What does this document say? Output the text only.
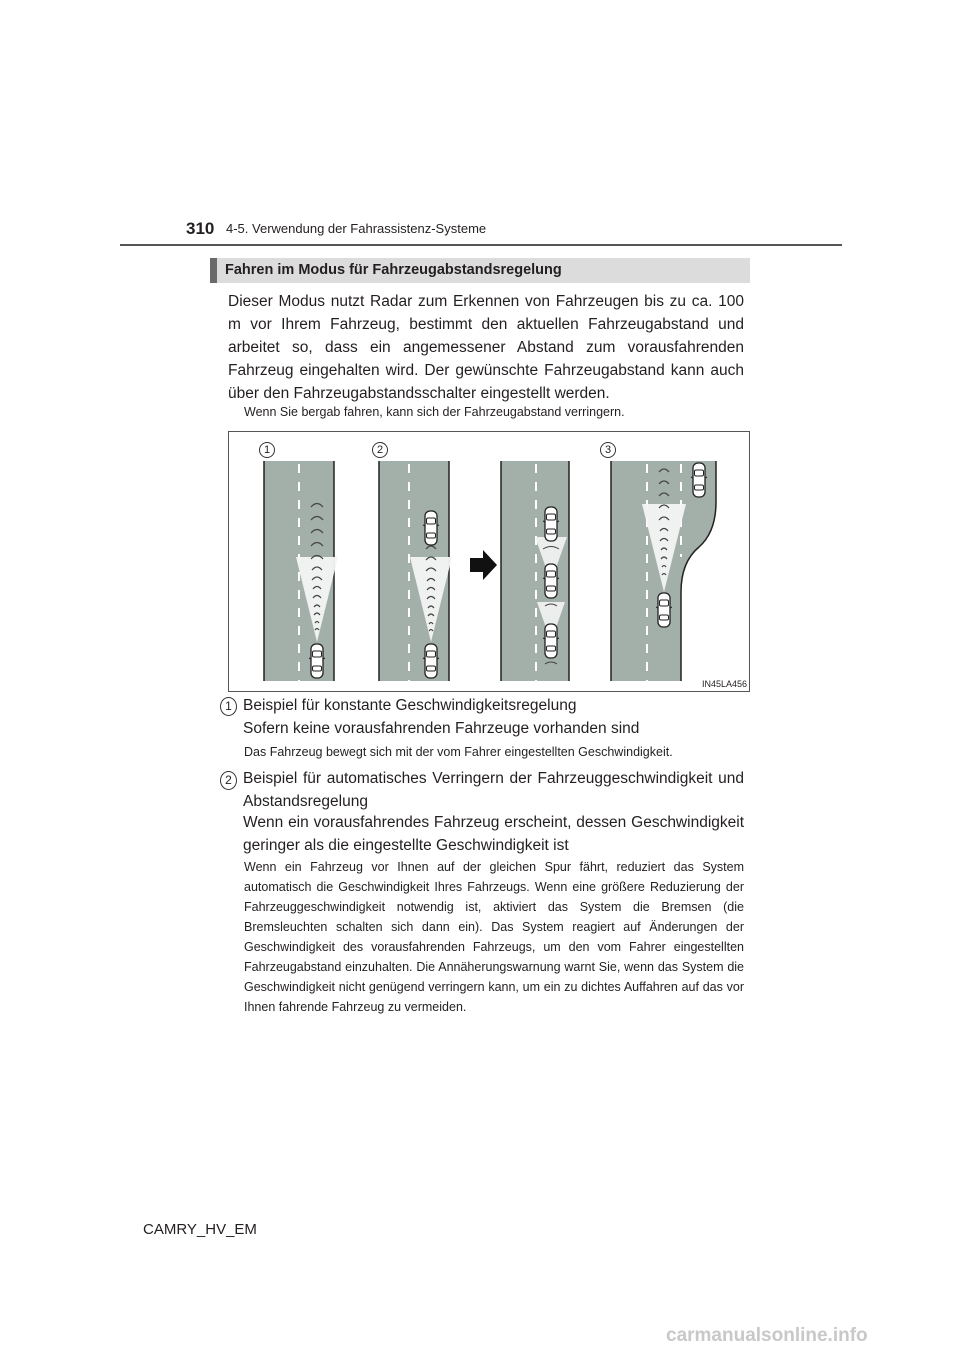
310 4-5. Verwendung der Fahrassistenz-Systeme
Fahren im Modus für Fahrzeugabstandsregelung
Dieser Modus nutzt Radar zum Erkennen von Fahrzeugen bis zu ca. 100 m vor Ihrem Fahrzeug, bestimmt den aktuellen Fahrzeugabstand und arbeitet so, dass ein angemessener Abstand zum vorausfahrenden Fahrzeug eingehalten wird. Der gewünschte Fahrzeugabstand kann auch über den Fahrzeugabstandsschalter eingestellt werden.
Wenn Sie bergab fahren, kann sich der Fahrzeugabstand verringern.
1	2	3
IN45LA456
1 Beispiel für konstante Geschwindigkeitsregelung
Sofern keine vorausfahrenden Fahrzeuge vorhanden sind
Das Fahrzeug bewegt sich mit der vom Fahrer eingestellten Geschwindigkeit.
2 Beispiel für automatisches Verringern der Fahrzeuggeschwindigkeit und Abstandsregelung
Wenn ein vorausfahrendes Fahrzeug erscheint, dessen Geschwindigkeit geringer als die eingestellte Geschwindigkeit ist
Wenn ein Fahrzeug vor Ihnen auf der gleichen Spur fährt, reduziert das System automatisch die Geschwindigkeit Ihres Fahrzeugs. Wenn eine größere Reduzierung der Fahrzeuggeschwindigkeit notwendig ist, aktiviert das System die Bremsen (die Bremsleuchten schalten sich dann ein). Das System reagiert auf Änderungen der Geschwindigkeit des vorausfahrenden Fahrzeugs, um den vom Fahrer eingestellten Fahrzeugabstand einzuhalten. Die Annäherungswarnung warnt Sie, wenn das System die Geschwindigkeit nicht genügend verringern kann, um ein zu dichtes Auffahren auf das vor Ihnen fahrende Fahrzeug zu vermeiden.
CAMRY_HV_EM
carmanualsonline.info
